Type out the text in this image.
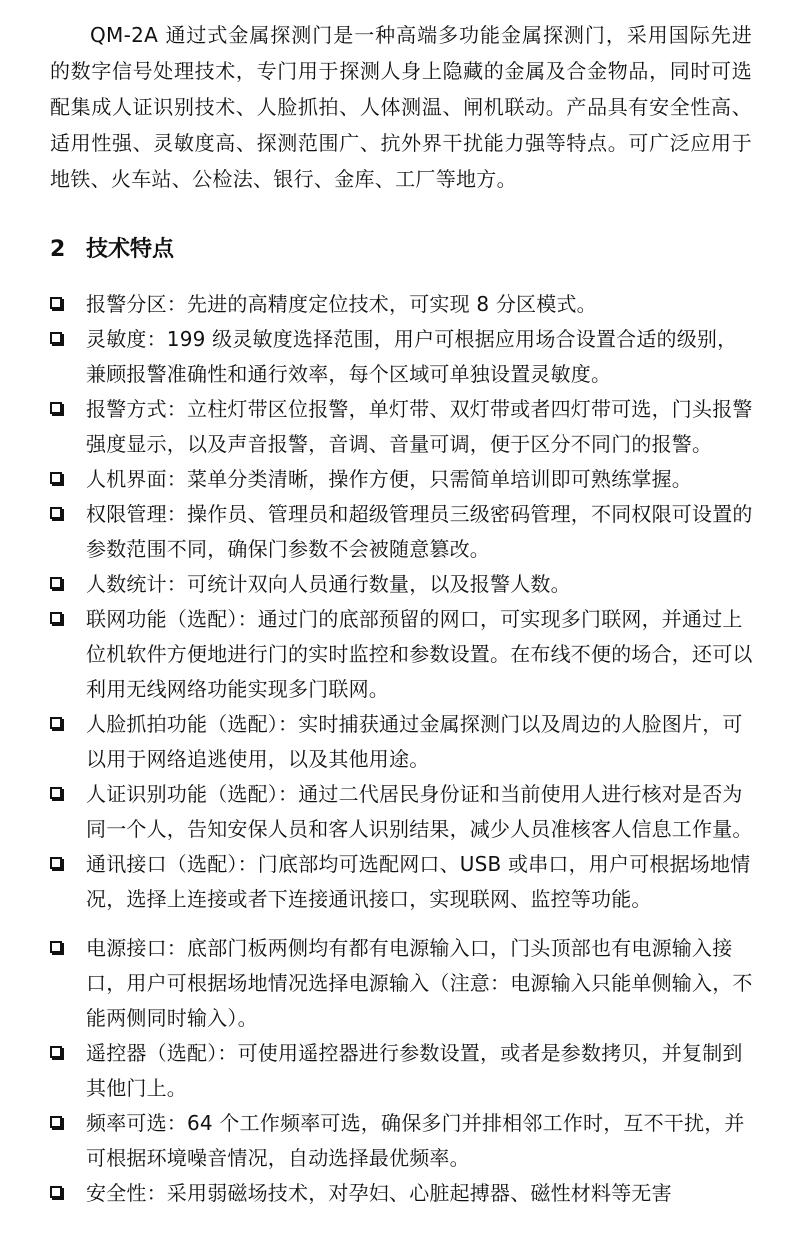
QM-2A 通过式金属探测门是一种高端多功能金属探测门，采用国际先进的数字信号处理技术，专门用于探测人身上隐藏的金属及合金物品，同时可选配集成人证识别技术、人脸抓拍、人体测温、闸机联动。产品具有安全性高、适用性强、灵敏度高、探测范围广、抗外界干扰能力强等特点。可广泛应用于地铁、火车站、公检法、银行、金库、工厂等地方。

2 技术特点
报警分区：先进的高精度定位技术，可实现 8 分区模式。
灵敏度：199 级灵敏度选择范围，用户可根据应用场合设置合适的级别，兼顾报警准确性和通行效率，每个区域可单独设置灵敏度。
报警方式：立柱灯带区位报警，单灯带、双灯带或者四灯带可选，门头报警强度显示，以及声音报警，音调、音量可调，便于区分不同门的报警。
人机界面：菜单分类清晰，操作方便，只需简单培训即可熟练掌握。
权限管理：操作员、管理员和超级管理员三级密码管理，不同权限可设置的参数范围不同，确保门参数不会被随意篡改。
人数统计：可统计双向人员通行数量，以及报警人数。
联网功能（选配）：通过门的底部预留的网口，可实现多门联网，并通过上位机软件方便地进行门的实时监控和参数设置。在布线不便的场合，还可以利用无线网络功能实现多门联网。
人脸抓拍功能（选配）：实时捕获通过金属探测门以及周边的人脸图片，可以用于网络追逃使用，以及其他用途。
人证识别功能（选配）：通过二代居民身份证和当前使用人进行核对是否为同一个人，告知安保人员和客人识别结果，减少人员准核客人信息工作量。
通讯接口（选配）：门底部均可选配网口、USB 或串口，用户可根据场地情况，选择上连接或者下连接通讯接口，实现联网、监控等功能。
电源接口：底部门板两侧均有都有电源输入口，门头顶部也有电源输入接口，用户可根据场地情况选择电源输入（注意：电源输入只能单侧输入，不能两侧同时输入）。
遥控器（选配）：可使用遥控器进行参数设置，或者是参数拷贝，并复制到其他门上。
频率可选：64 个工作频率可选，确保多门并排相邻工作时，互不干扰，并可根据环境噪音情况，自动选择最优频率。
安全性：采用弱磁场技术，对孕妇、心脏起搏器、磁性材料等无害
